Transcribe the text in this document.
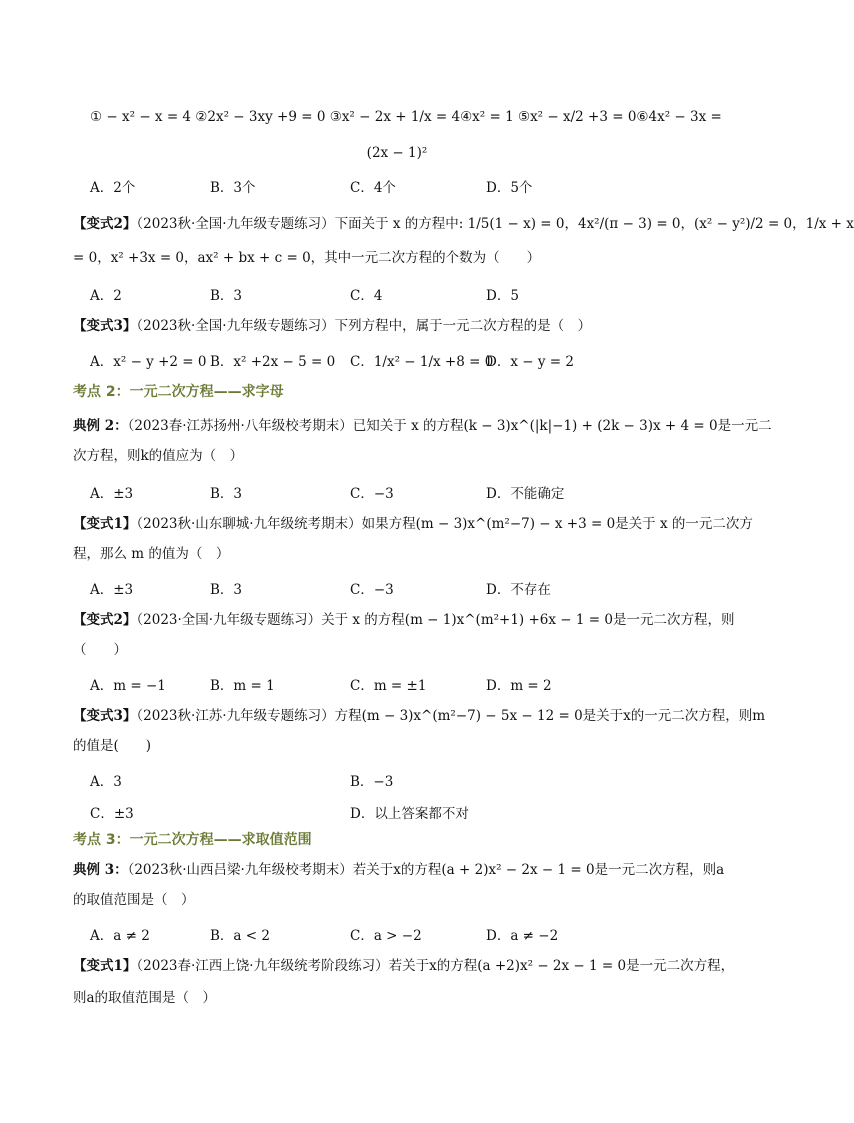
① − x² − x = 4 ②2x² − 3xy +9 = 0 ③x² − 2x + 1/x = 4④x² = 1 ⑤x² − x/2 +3 = 0⑥4x² − 3x =
(2x − 1)²
A．2个	B．3个	C．4个	D．5个
【变式2】（2023秋·全国·九年级专题练习）下面关于 x 的方程中: 1/5(1 − x) = 0，4x²/(π − 3) = 0，(x² − y²)/2 = 0，1/x + x
= 0，x² +3x = 0，ax² + bx + c = 0，其中一元二次方程的个数为（　　）
A．2	B．3	C．4	D．5
【变式3】（2023秋·全国·九年级专题练习）下列方程中，属于一元二次方程的是（　）
A．x² − y +2 = 0 B．x² +2x − 5 = 0 C．1/x² − 1/x +8 = 0
D．x − y = 2
考点 2：一元二次方程——求字母
典例 2：（2023春·江苏扬州·八年级校考期末）已知关于 x 的方程(k − 3)x^(|k|−1) + (2k − 3)x + 4 = 0是一元二
次方程，则k的值应为（　）
A．±3	B．3	C．−3	D．不能确定
【变式1】（2023秋·山东聊城·九年级统考期末）如果方程(m − 3)x^(m²−7) − x +3 = 0是关于 x 的一元二次方
程，那么 m 的值为（　）
A．±3	B．3	C．−3	D．不存在
【变式2】（2023·全国·九年级专题练习）关于 x 的方程(m − 1)x^(m²+1) +6x − 1 = 0是一元二次方程，则
（　　）
A．m = −1	B．m = 1	C．m = ±1	D．m = 2
【变式3】（2023秋·江苏·九年级专题练习）方程(m − 3)x^(m²−7) − 5x − 12 = 0是关于x的一元二次方程，则m
的值是(　　)
A．3	B．−3
C．±3	D．以上答案都不对
考点 3：一元二次方程——求取值范围
典例 3：（2023秋·山西吕梁·九年级校考期末）若关于x的方程(a + 2)x² − 2x − 1 = 0是一元二次方程，则a
的取值范围是（　）
A．a ≠ 2	B．a < 2	C．a > −2	D．a ≠ −2
【变式1】（2023春·江西上饶·九年级统考阶段练习）若关于x的方程(a +2)x² − 2x − 1 = 0是一元二次方程，
则a的取值范围是（　）
